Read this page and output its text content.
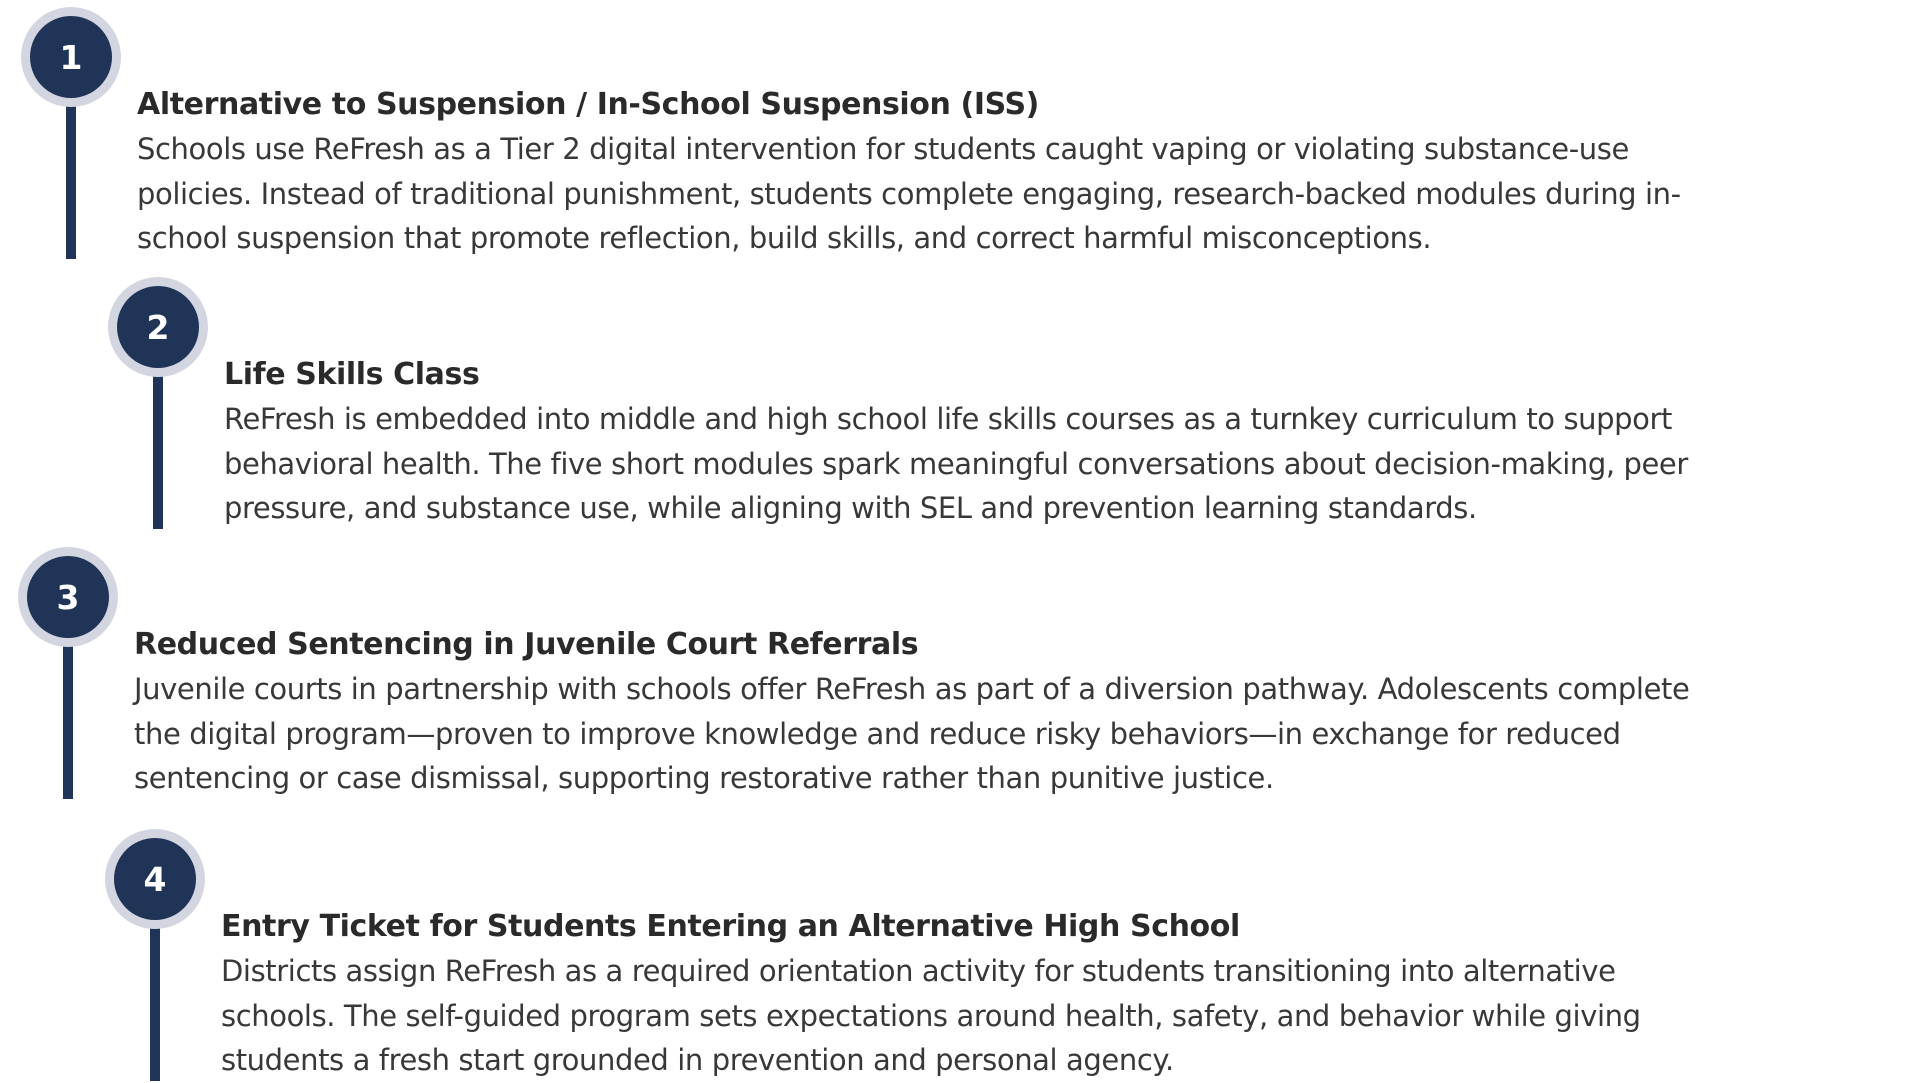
1
Alternative to Suspension / In-School Suspension (ISS)

Schools use ReFresh as a Tier 2 digital intervention for students caught vaping or violating substance-use
policies. Instead of traditional punishment, students complete engaging, research-backed modules during in-
school suspension that promote reflection, build skills, and correct harmful misconceptions.

2
Life Skills Class

ReFresh is embedded into middle and high school life skills courses as a turnkey curriculum to support
behavioral health. The five short modules spark meaningful conversations about decision-making, peer
pressure, and substance use, while aligning with SEL and prevention learning standards.

3
Reduced Sentencing in Juvenile Court Referrals

Juvenile courts in partnership with schools offer ReFresh as part of a diversion pathway. Adolescents complete
the digital program—proven to improve knowledge and reduce risky behaviors—in exchange for reduced
sentencing or case dismissal, supporting restorative rather than punitive justice.

4
Entry Ticket for Students Entering an Alternative High School

Districts assign ReFresh as a required orientation activity for students transitioning into alternative
schools. The self-guided program sets expectations around health, safety, and behavior while giving
students a fresh start grounded in prevention and personal agency.
